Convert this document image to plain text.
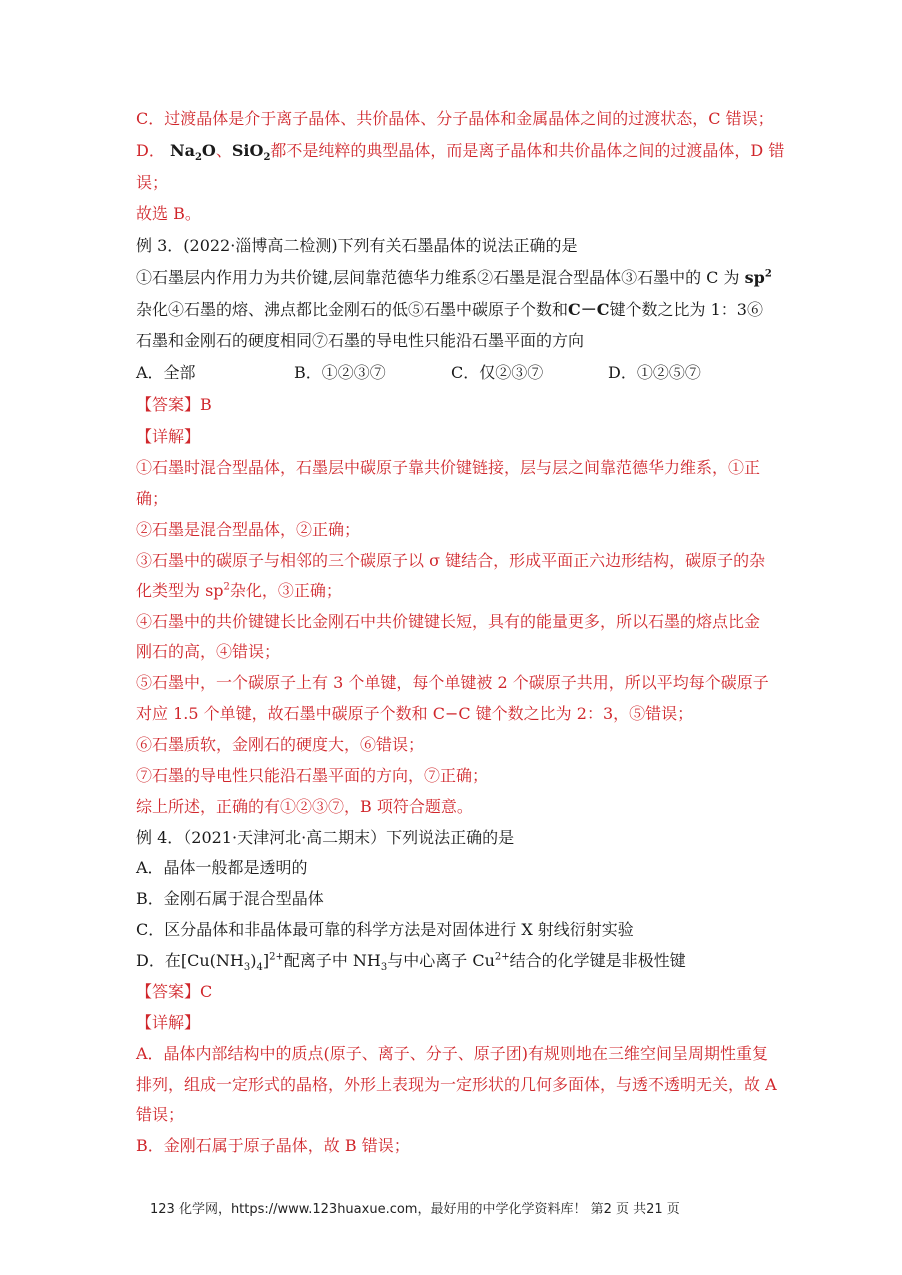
C．过渡晶体是介于离子晶体、共价晶体、分子晶体和金属晶体之间的过渡状态，C 错误；
D． $Na_2O$、SiO$_2$都不是纯粹的典型晶体，而是离子晶体和共价晶体之间的过渡晶体，D 错
误；
故选 B。
例 3．(2022·淄博高二检测)下列有关石墨晶体的说法正确的是
①石墨层内作用力为共价键,层间靠范德华力维系②石墨是混合型晶体③石墨中的 C 为 $sp^2$
杂化④石墨的熔、沸点都比金刚石的低⑤石墨中碳原子个数和C－C键个数之比为 1：3⑥
石墨和金刚石的硬度相同⑦石墨的导电性只能沿石墨平面的方向
A．全部	B．①②③⑦	C．仅②③⑦	D．①②⑤⑦
【答案】B
【详解】
①石墨时混合型晶体，石墨层中碳原子靠共价键链接，层与层之间靠范德华力维系，①正
确；
②石墨是混合型晶体，②正确；
③石墨中的碳原子与相邻的三个碳原子以 σ 键结合，形成平面正六边形结构，碳原子的杂
化类型为 $sp^2$杂化，③正确；
④石墨中的共价键键长比金刚石中共价键键长短，具有的能量更多，所以石墨的熔点比金
刚石的高，④错误；
⑤石墨中，一个碳原子上有 3 个单键，每个单键被 2 个碳原子共用，所以平均每个碳原子
对应 1.5 个单键，故石墨中碳原子个数和 C−C 键个数之比为 2：3，⑤错误；
⑥石墨质软，金刚石的硬度大，⑥错误；
⑦石墨的导电性只能沿石墨平面的方向，⑦正确；
综上所述，正确的有①②③⑦，B 项符合题意。
例 4．（2021·天津河北·高二期末）下列说法正确的是
A．晶体一般都是透明的
B．金刚石属于混合型晶体
C．区分晶体和非晶体最可靠的科学方法是对固体进行 X 射线衍射实验
D．在$[Cu(NH_3)_4]^{2+}$配离子中 $NH_3$与中心离子 $Cu^{2+}$结合的化学键是非极性键
【答案】C
【详解】
A．晶体内部结构中的质点(原子、离子、分子、原子团)有规则地在三维空间呈周期性重复
排列，组成一定形式的晶格，外形上表现为一定形状的几何多面体，与透不透明无关，故 A
错误；
B．金刚石属于原子晶体，故 B 错误；
123 化学网，https://www.123huaxue.com，最好用的中学化学资料库！ 第2 页 共21 页
